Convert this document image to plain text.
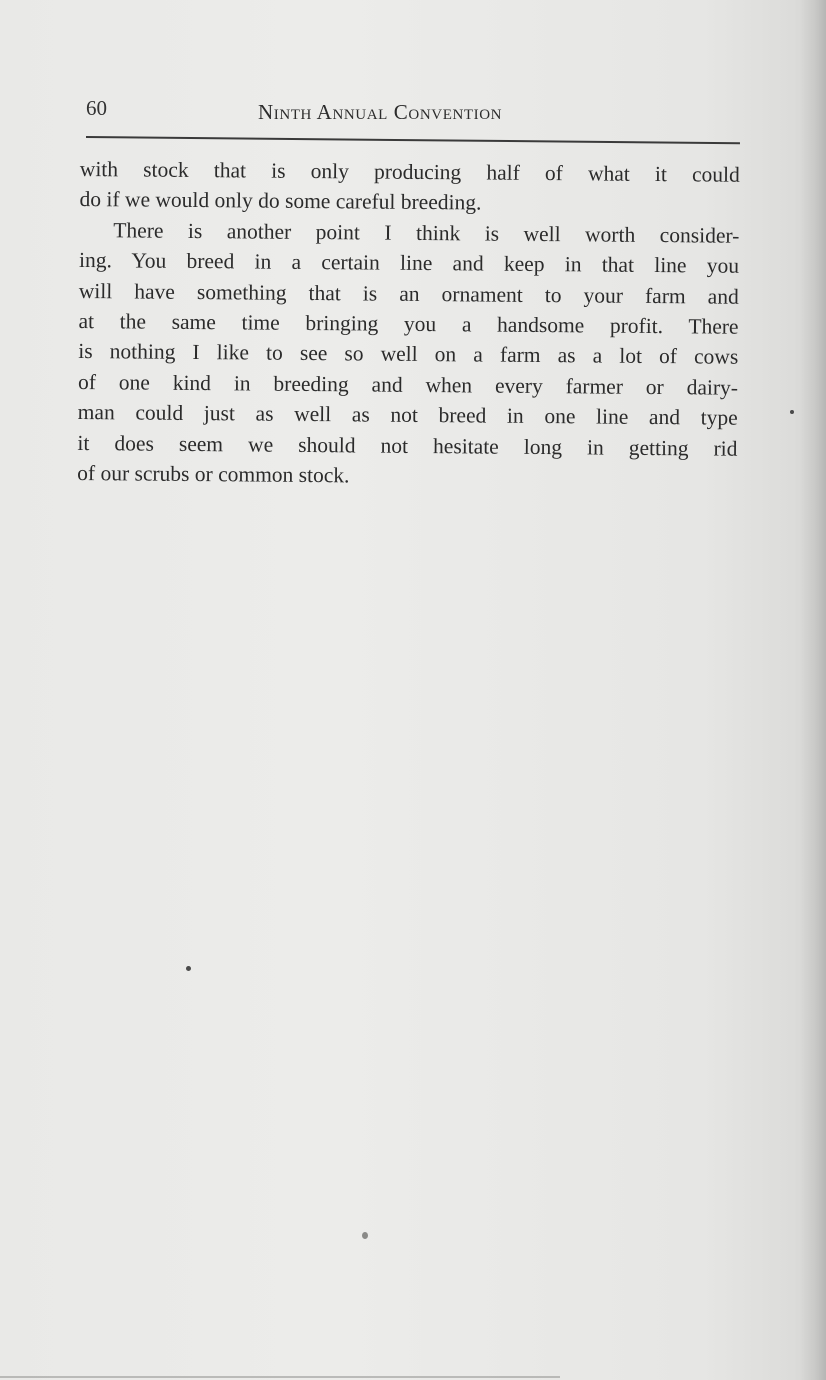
60	Ninth Annual Convention
with stock that is only producing half of what it could
do if we would only do some careful breeding.
There is another point I think is well worth consider-
ing. You breed in a certain line and keep in that line you
will have something that is an ornament to your farm and
at the same time bringing you a handsome profit. There
is nothing I like to see so well on a farm as a lot of cows
of one kind in breeding and when every farmer or dairy-
man could just as well as not breed in one line and type
it does seem we should not hesitate long in getting rid
of our scrubs or common stock.
